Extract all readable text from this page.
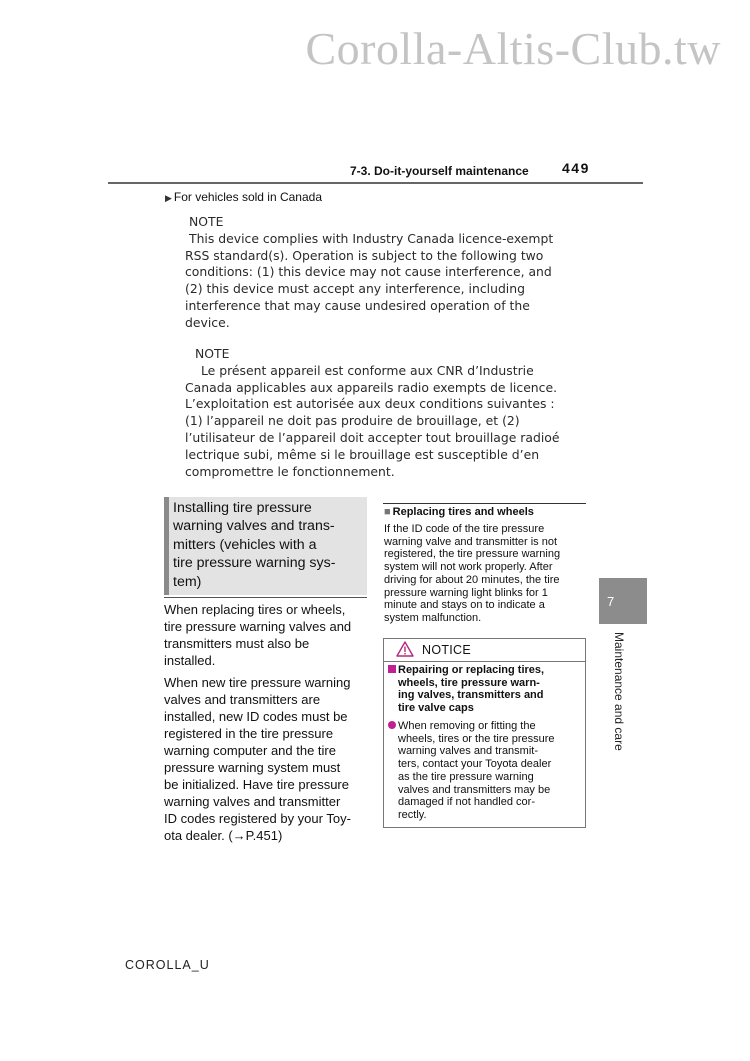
Corolla-Altis-Club.tw
7-3. Do-it-yourself maintenance 449
▶ For vehicles sold in Canada
NOTE
This device complies with Industry Canada licence-exempt
RSS standard(s). Operation is subject to the following two
conditions: (1) this device may not cause interference, and
(2) this device must accept any interference, including
interference that may cause undesired operation of the
device.
NOTE
Le présent appareil est conforme aux CNR d’Industrie
Canada applicables aux appareils radio exempts de licence.
L’exploitation est autorisée aux deux conditions suivantes :
(1) l’appareil ne doit pas produire de brouillage, et (2)
l’utilisateur de l’appareil doit accepter tout brouillage radioé
lectrique subi, même si le brouillage est susceptible d’en
compromettre le fonctionnement.
Installing tire pressure
warning valves and trans-
mitters (vehicles with a
tire pressure warning sys-
tem)
When replacing tires or wheels,
tire pressure warning valves and
transmitters must also be
installed.
When new tire pressure warning
valves and transmitters are
installed, new ID codes must be
registered in the tire pressure
warning computer and the tire
pressure warning system must
be initialized. Have tire pressure
warning valves and transmitter
ID codes registered by your Toy-
ota dealer. (→P.451)
■ Replacing tires and wheels
If the ID code of the tire pressure
warning valve and transmitter is not
registered, the tire pressure warning
system will not work properly. After
driving for about 20 minutes, the tire
pressure warning light blinks for 1
minute and stays on to indicate a
system malfunction.
NOTICE
Repairing or replacing tires,
wheels, tire pressure warn-
ing valves, transmitters and
tire valve caps
When removing or fitting the
wheels, tires or the tire pressure
warning valves and transmit-
ters, contact your Toyota dealer
as the tire pressure warning
valves and transmitters may be
damaged if not handled cor-
rectly.
7
Maintenance and care
COROLLA_U
